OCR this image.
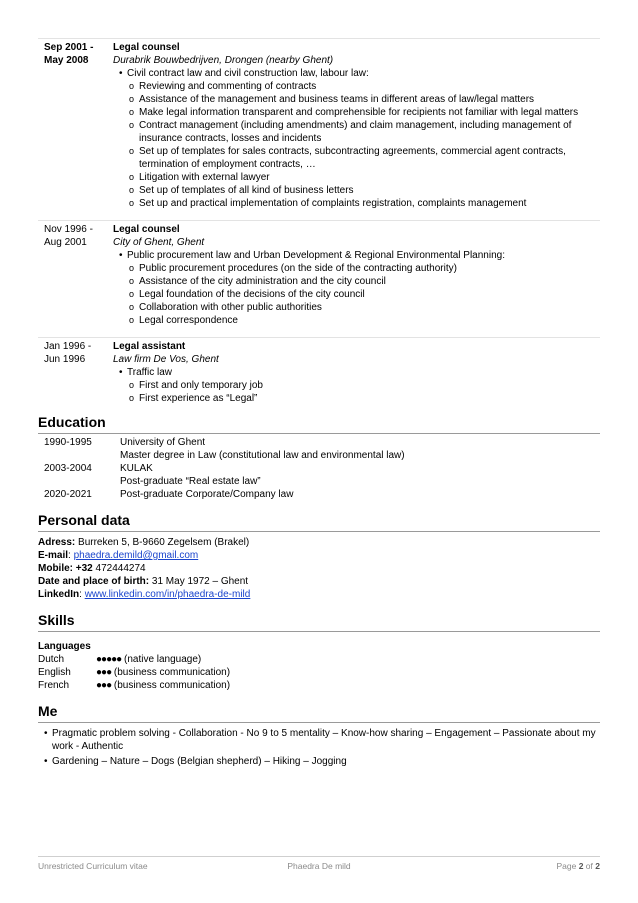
Sep 2001 -
May 2008
Legal counsel
Durabrik Bouwbedrijven, Drongen (nearby Ghent)
• Civil contract law and civil construction law, labour law:
o Reviewing and commenting of contracts
o Assistance of the management and business teams in different areas of law/legal matters
o Make legal information transparent and comprehensible for recipients not familiar with legal matters
o Contract management (including amendments) and claim management, including management of insurance contracts, losses and incidents
o Set up of templates for sales contracts, subcontracting agreements, commercial agent contracts, termination of employment contracts, …
o Litigation with external lawyer
o Set up of templates of all kind of business letters
o Set up and practical implementation of complaints registration, complaints management
Nov 1996 -
Aug 2001
Legal counsel
City of Ghent, Ghent
• Public procurement law and Urban Development & Regional Environmental Planning:
o Public procurement procedures (on the side of the contracting authority)
o Assistance of the city administration and the city council
o Legal foundation of the decisions of the city council
o Collaboration with other public authorities
o Legal correspondence
Jan 1996 -
Jun 1996
Legal assistant
Law firm De Vos, Ghent
• Traffic law
o First and only temporary job
o First experience as “Legal”
Education
1990-1995	University of Ghent
Master degree in Law (constitutional law and environmental law)
2003-2004	KULAK
Post-graduate “Real estate law”
2020-2021	Post-graduate Corporate/Company law
Personal data
Adress: Burreken 5, B-9660 Zegelsem (Brakel)
E-mail: phaedra.demild@gmail.com
Mobile: +32 472444274
Date and place of birth: 31 May 1972 – Ghent
LinkedIn: www.linkedin.com/in/phaedra-de-mild
Skills
Languages
Dutch	●●●●● (native language)
English	●●● (business communication)
French	●●● (business communication)
Me
• Pragmatic problem solving - Collaboration - No 9 to 5 mentality – Know-how sharing – Engagement – Passionate about my work - Authentic
• Gardening – Nature – Dogs (Belgian shepherd) – Hiking – Jogging
Unrestricted Curriculum vitae	Phaedra De mild	Page 2 of 2
